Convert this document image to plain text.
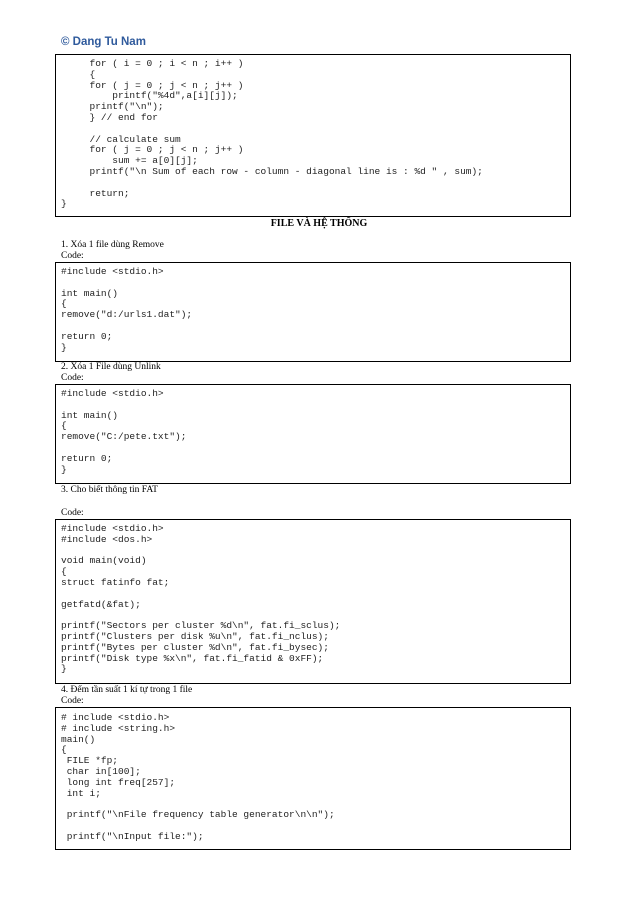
© Dang Tu Nam
for ( i = 0 ; i < n ; i++ )
{
for ( j = 0 ; j < n ; j++ )
printf("%4d",a[i][j]);
printf("\n");
} // end for

// calculate sum
for ( j = 0 ; j < n ; j++ )
sum += a[0][j];
printf("\n Sum of each row - column - diagonal line is : %d " , sum);

return;
}
FILE VÀ HỆ THỐNG
1. Xóa 1 file dùng Remove
Code:
#include <stdio.h>

int main()
{
remove("d:/urls1.dat");

return 0;
}
2. Xóa 1 File dùng Unlink
Code:
#include <stdio.h>

int main()
{
remove("C:/pete.txt");

return 0;
}
3. Cho biết thông tin FAT
Code:
#include <stdio.h>
#include <dos.h>

void main(void)
{
struct fatinfo fat;

getfatd(&fat);

printf("Sectors per cluster %d\n", fat.fi_sclus);
printf("Clusters per disk %u\n", fat.fi_nclus);
printf("Bytes per cluster %d\n", fat.fi_bysec);
printf("Disk type %x\n", fat.fi_fatid & 0xFF);
}
4. Đếm tần suất 1 kí tự trong 1 file
Code:
# include <stdio.h>
# include <string.h>
main()
{
FILE *fp;
char in[100];
long int freq[257];
int i;

printf("\nFile frequency table generator\n\n");

printf("\nInput file:");
